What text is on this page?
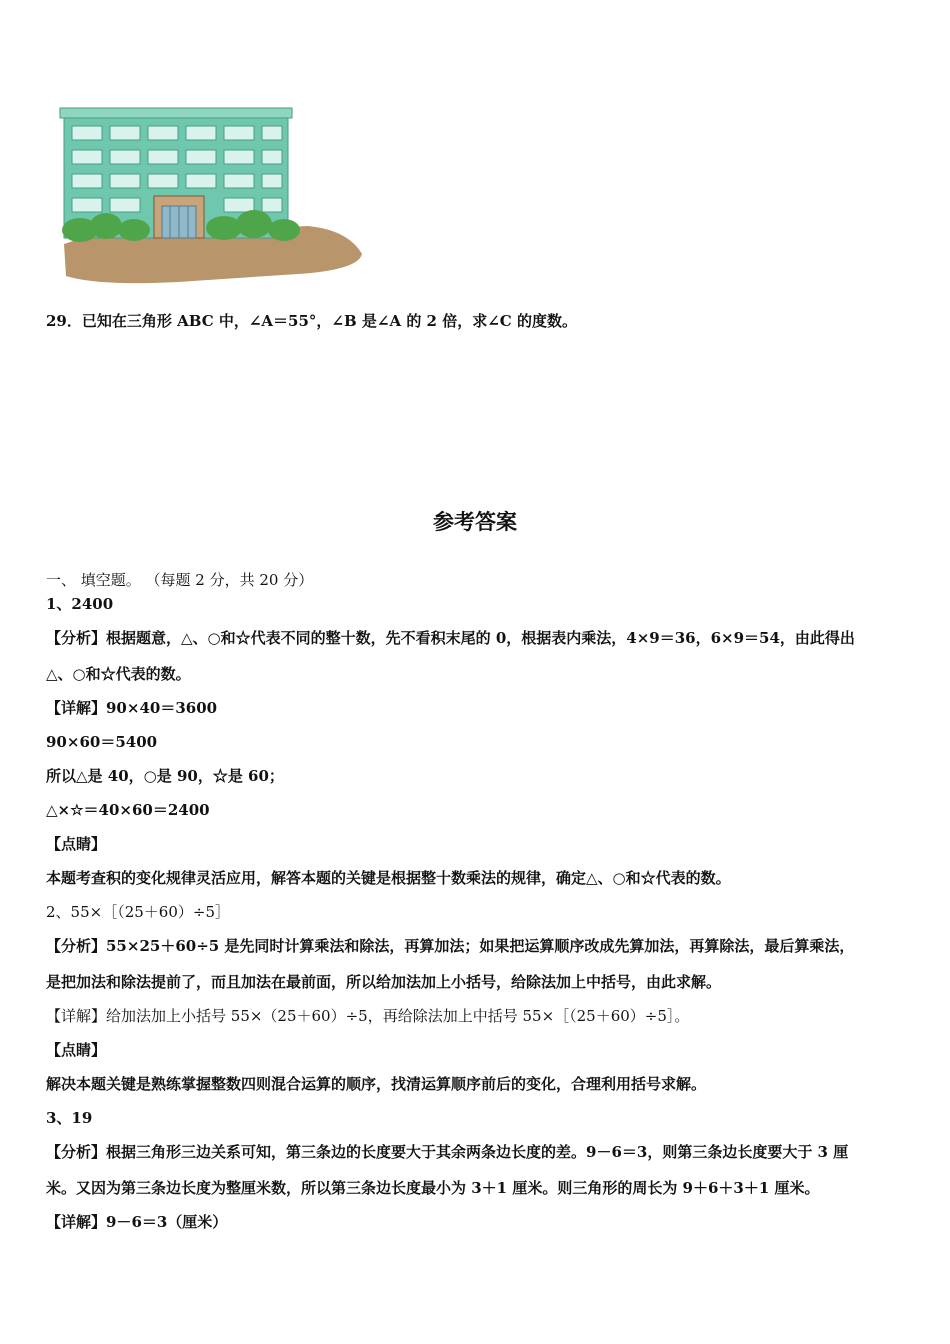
29．已知在三角形 ABC 中，∠A＝55°，∠B 是∠A 的 2 倍，求∠C 的度数。
参考答案
一、 填空题。 （每题 2 分，共 20 分）
1、2400
【分析】根据题意，△、○和☆代表不同的整十数，先不看积末尾的 0，根据表内乘法，4×9＝36，6×9＝54，由此得出
△、○和☆代表的数。
【详解】90×40＝3600
90×60＝5400
所以△是 40，○是 90，☆是 60；
△×☆＝40×60＝2400
【点睛】
本题考查积的变化规律灵活应用，解答本题的关键是根据整十数乘法的规律，确定△、○和☆代表的数。
2、55×［（25＋60）÷5］
【分析】55×25＋60÷5 是先同时计算乘法和除法，再算加法；如果把运算顺序改成先算加法，再算除法，最后算乘法，
是把加法和除法提前了，而且加法在最前面，所以给加法加上小括号，给除法加上中括号，由此求解。
【详解】给加法加上小括号 55×（25＋60）÷5，再给除法加上中括号 55×［（25＋60）÷5］。
【点睛】
解决本题关键是熟练掌握整数四则混合运算的顺序，找清运算顺序前后的变化，合理利用括号求解。
3、19
【分析】根据三角形三边关系可知，第三条边的长度要大于其余两条边长度的差。9－6＝3，则第三条边长度要大于 3 厘
米。又因为第三条边长度为整厘米数，所以第三条边长度最小为 3＋1 厘米。则三角形的周长为 9＋6＋3＋1 厘米。
【详解】9－6＝3（厘米）
